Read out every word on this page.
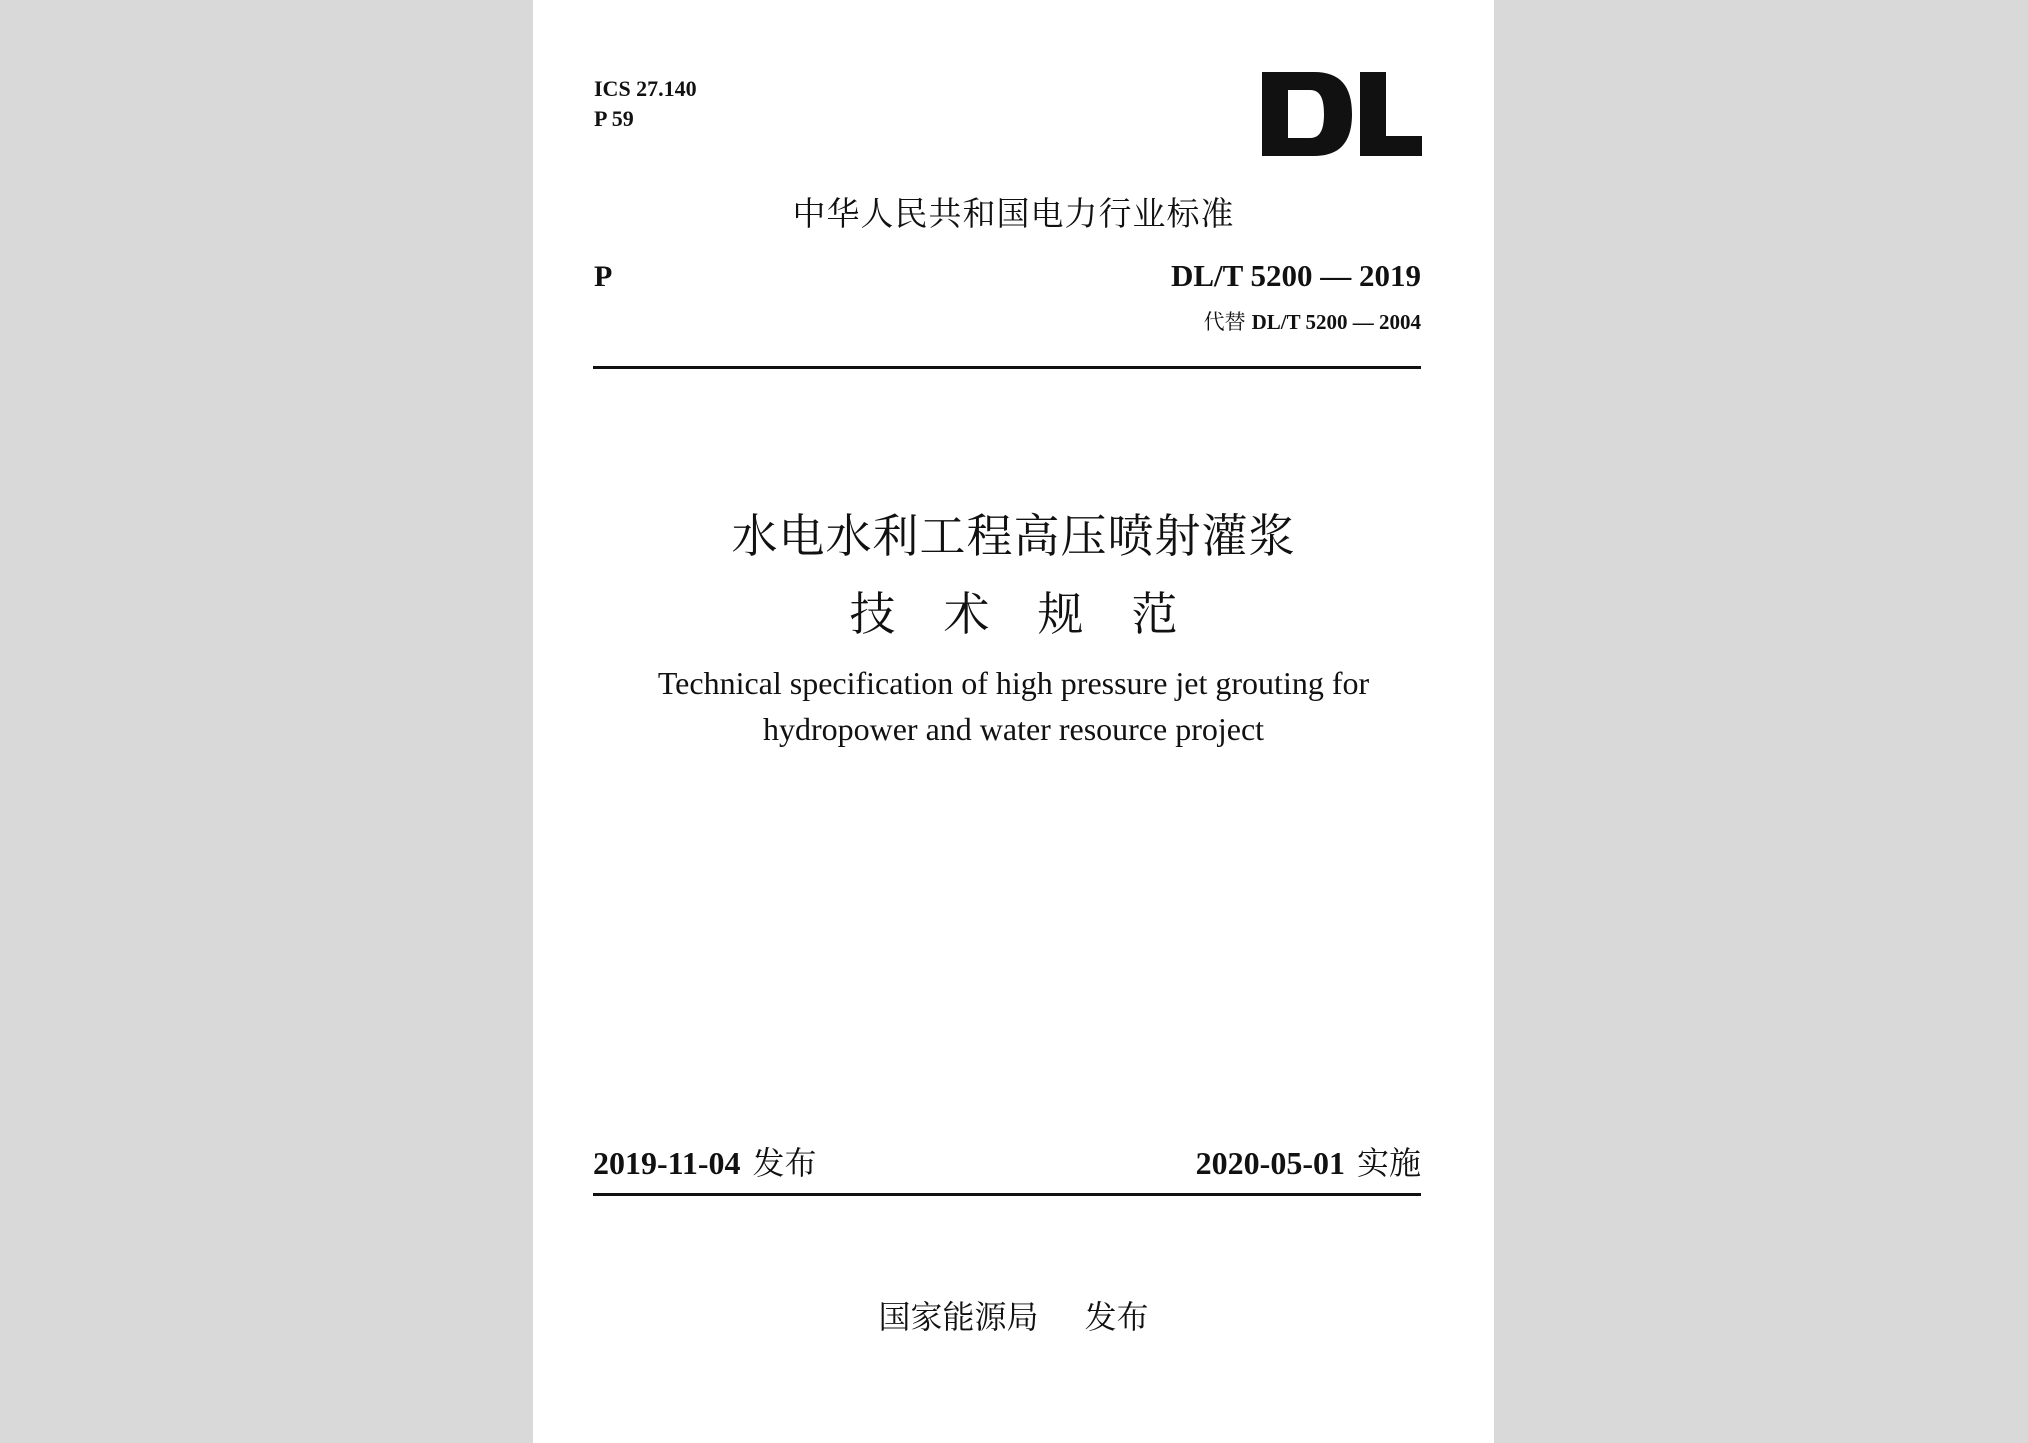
ICS 27.140
P 59
中华人民共和国电力行业标准
P	DL/T 5200 — 2019
代替 DL/T 5200 — 2004
水电水利工程高压喷射灌浆
技术规范
Technical specification of high pressure jet grouting for
hydropower and water resource project
2019-11-04 发布	2020-05-01 实施
国家能源局 发布
